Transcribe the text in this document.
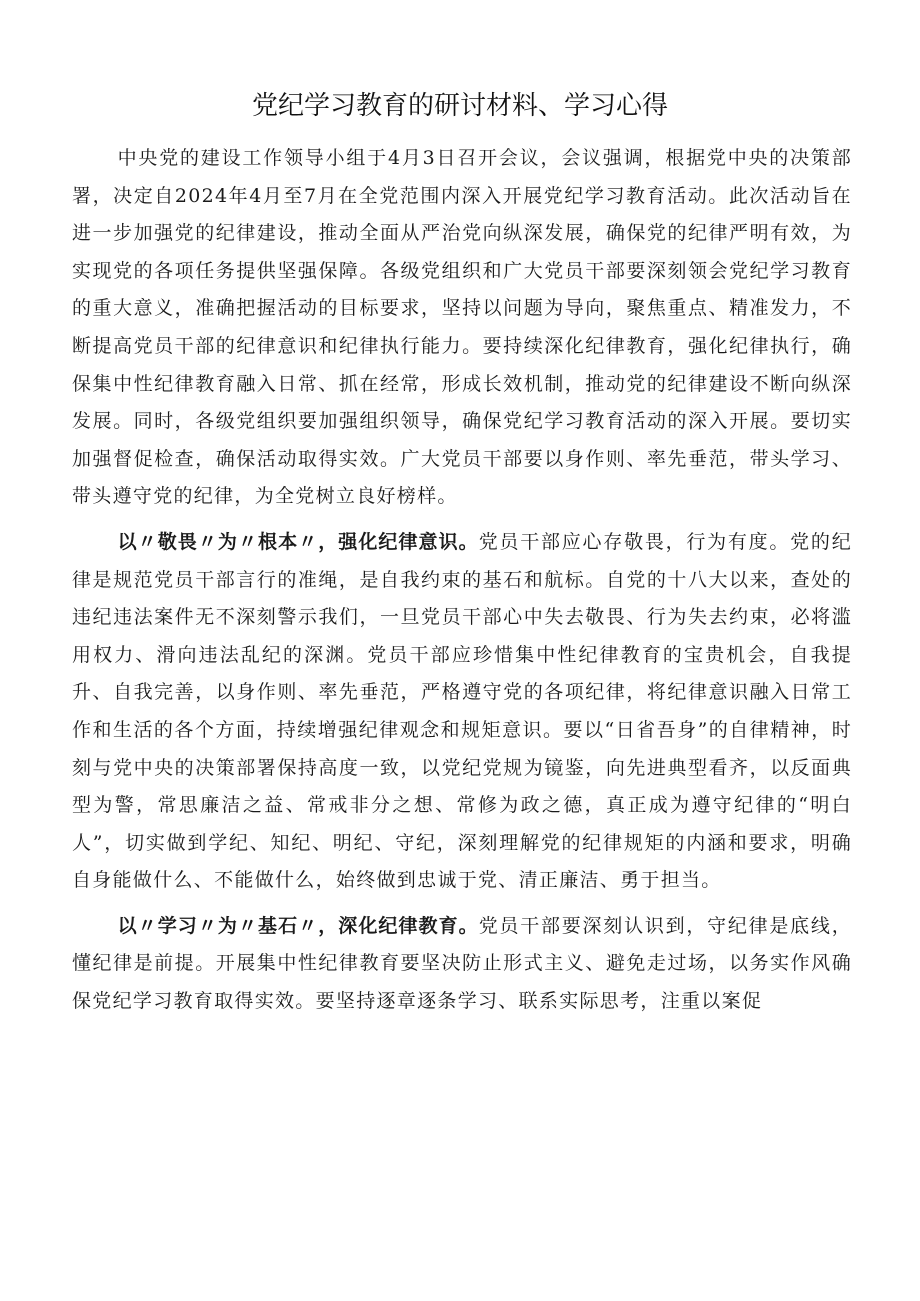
党纪学习教育的研讨材料、学习心得

中央党的建设工作领导小组于4月3日召开会议，会议强调，根据党中央的决策部署，决定自2024年4月至7月在全党范围内深入开展党纪学习教育活动。此次活动旨在进一步加强党的纪律建设，推动全面从严治党向纵深发展，确保党的纪律严明有效，为实现党的各项任务提供坚强保障。各级党组织和广大党员干部要深刻领会党纪学习教育的重大意义，准确把握活动的目标要求，坚持以问题为导向，聚焦重点、精准发力，不断提高党员干部的纪律意识和纪律执行能力。要持续深化纪律教育，强化纪律执行，确保集中性纪律教育融入日常、抓在经常，形成长效机制，推动党的纪律建设不断向纵深发展。同时，各级党组织要加强组织领导，确保党纪学习教育活动的深入开展。要切实加强督促检查，确保活动取得实效。广大党员干部要以身作则、率先垂范，带头学习、带头遵守党的纪律，为全党树立良好榜样。

以〃敬畏〃为〃根本〃，强化纪律意识。党员干部应心存敬畏，行为有度。党的纪律是规范党员干部言行的准绳，是自我约束的基石和航标。自党的十八大以来，查处的违纪违法案件无不深刻警示我们，一旦党员干部心中失去敬畏、行为失去约束，必将滥用权力、滑向违法乱纪的深渊。党员干部应珍惜集中性纪律教育的宝贵机会，自我提升、自我完善，以身作则、率先垂范，严格遵守党的各项纪律，将纪律意识融入日常工作和生活的各个方面，持续增强纪律观念和规矩意识。要以“日省吾身”的自律精神，时刻与党中央的决策部署保持高度一致，以党纪党规为镜鉴，向先进典型看齐，以反面典型为警，常思廉洁之益、常戒非分之想、常修为政之德，真正成为遵守纪律的“明白人”，切实做到学纪、知纪、明纪、守纪，深刻理解党的纪律规矩的内涵和要求，明确自身能做什么、不能做什么，始终做到忠诚于党、清正廉洁、勇于担当。

以〃学习〃为〃基石〃，深化纪律教育。党员干部要深刻认识到，守纪律是底线，懂纪律是前提。开展集中性纪律教育要坚决防止形式主义、避免走过场，以务实作风确保党纪学习教育取得实效。要坚持逐章逐条学习、联系实际思考，注重以案促
